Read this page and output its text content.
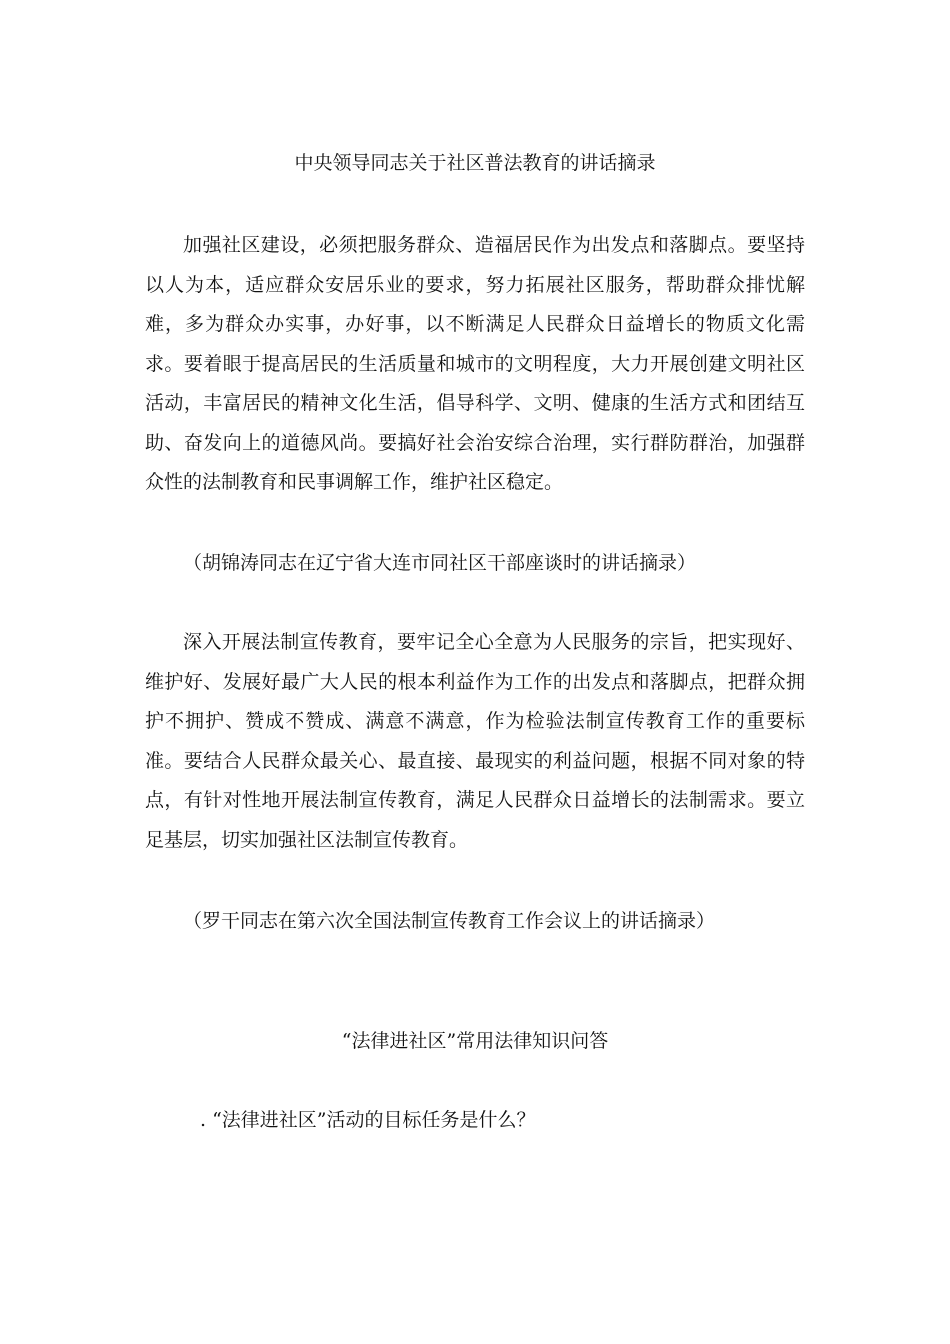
中央领导同志关于社区普法教育的讲话摘录

加强社区建设，必须把服务群众、造福居民作为出发点和落脚点。要坚持以人为本，适应群众安居乐业的要求，努力拓展社区服务，帮助群众排忧解难，多为群众办实事，办好事，以不断满足人民群众日益增长的物质文化需求。要着眼于提高居民的生活质量和城市的文明程度，大力开展创建文明社区活动，丰富居民的精神文化生活，倡导科学、文明、健康的生活方式和团结互助、奋发向上的道德风尚。要搞好社会治安综合治理，实行群防群治，加强群众性的法制教育和民事调解工作，维护社区稳定。

（胡锦涛同志在辽宁省大连市同社区干部座谈时的讲话摘录）

深入开展法制宣传教育，要牢记全心全意为人民服务的宗旨，把实现好、维护好、发展好最广大人民的根本利益作为工作的出发点和落脚点，把群众拥护不拥护、赞成不赞成、满意不满意，作为检验法制宣传教育工作的重要标准。要结合人民群众最关心、最直接、最现实的利益问题，根据不同对象的特点，有针对性地开展法制宣传教育，满足人民群众日益增长的法制需求。要立足基层，切实加强社区法制宣传教育。

（罗干同志在第六次全国法制宣传教育工作会议上的讲话摘录）
“法律进社区”常用法律知识问答
. “法律进社区”活动的目标任务是什么？
